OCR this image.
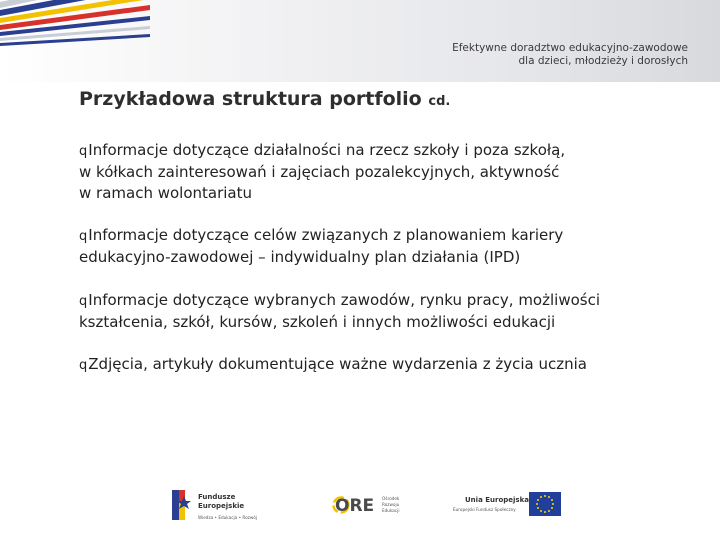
Efektywne doradztwo edukacyjno-zawodowe
dla dzieci, młodzieży i dorosłych
Przykładowa struktura portfolio cd.

qInformacje dotyczące działalności na rzecz szkoły i poza szkołą,
w kółkach zainteresowań i zajęciach pozalekcyjnych, aktywność
w ramach wolontariatu

qInformacje dotyczące celów związanych z planowaniem kariery
edukacyjno-zawodowej – indywidualny plan działania (IPD)

qInformacje dotyczące wybranych zawodów, rynku pracy, możliwości
kształcenia, szkół, kursów, szkoleń i innych możliwości edukacji

qZdjęcia, artykuły dokumentujące ważne wydarzenia z życia ucznia

Fundusze
Europejskie
Wiedza • Edukacja • Rozwój
ORE Ośrodek
Rozwoju
Edukacji
Unia Europejska
Europejski Fundusz Społeczny
